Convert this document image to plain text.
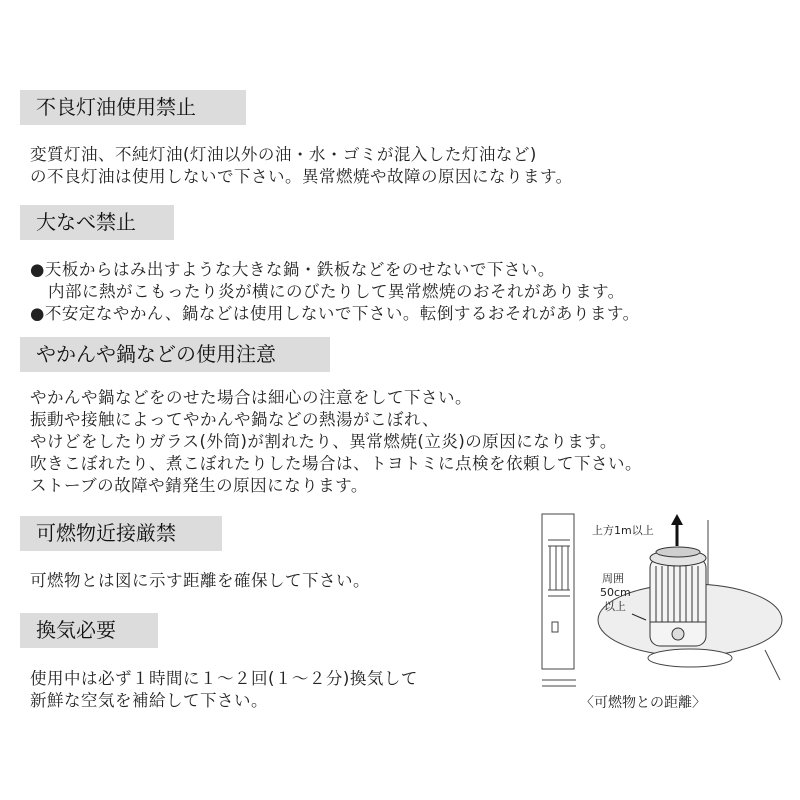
不良灯油使用禁止
変質灯油、不純灯油(灯油以外の油・水・ゴミが混入した灯油など)
の不良灯油は使用しないで下さい。異常燃焼や故障の原因になります。
大なべ禁止
●天板からはみ出すような大きな鍋・鉄板などをのせないで下さい。
内部に熱がこもったり炎が横にのびたりして異常燃焼のおそれがあります。
●不安定なやかん、鍋などは使用しないで下さい。転倒するおそれがあります。
やかんや鍋などの使用注意
やかんや鍋などをのせた場合は細心の注意をして下さい。
振動や接触によってやかんや鍋などの熱湯がこぼれ、
やけどをしたりガラス(外筒)が割れたり、異常燃焼(立炎)の原因になります。
吹きこぼれたり、煮こぼれたりした場合は、トヨトミに点検を依頼して下さい。
ストーブの故障や錆発生の原因になります。
可燃物近接厳禁
可燃物とは図に示す距離を確保して下さい。
換気必要
使用中は必ず１時間に１～２回(１～２分)換気して
新鮮な空気を補給して下さい。
上方1m以上
周囲
50cm
以上
〈可燃物との距離〉
